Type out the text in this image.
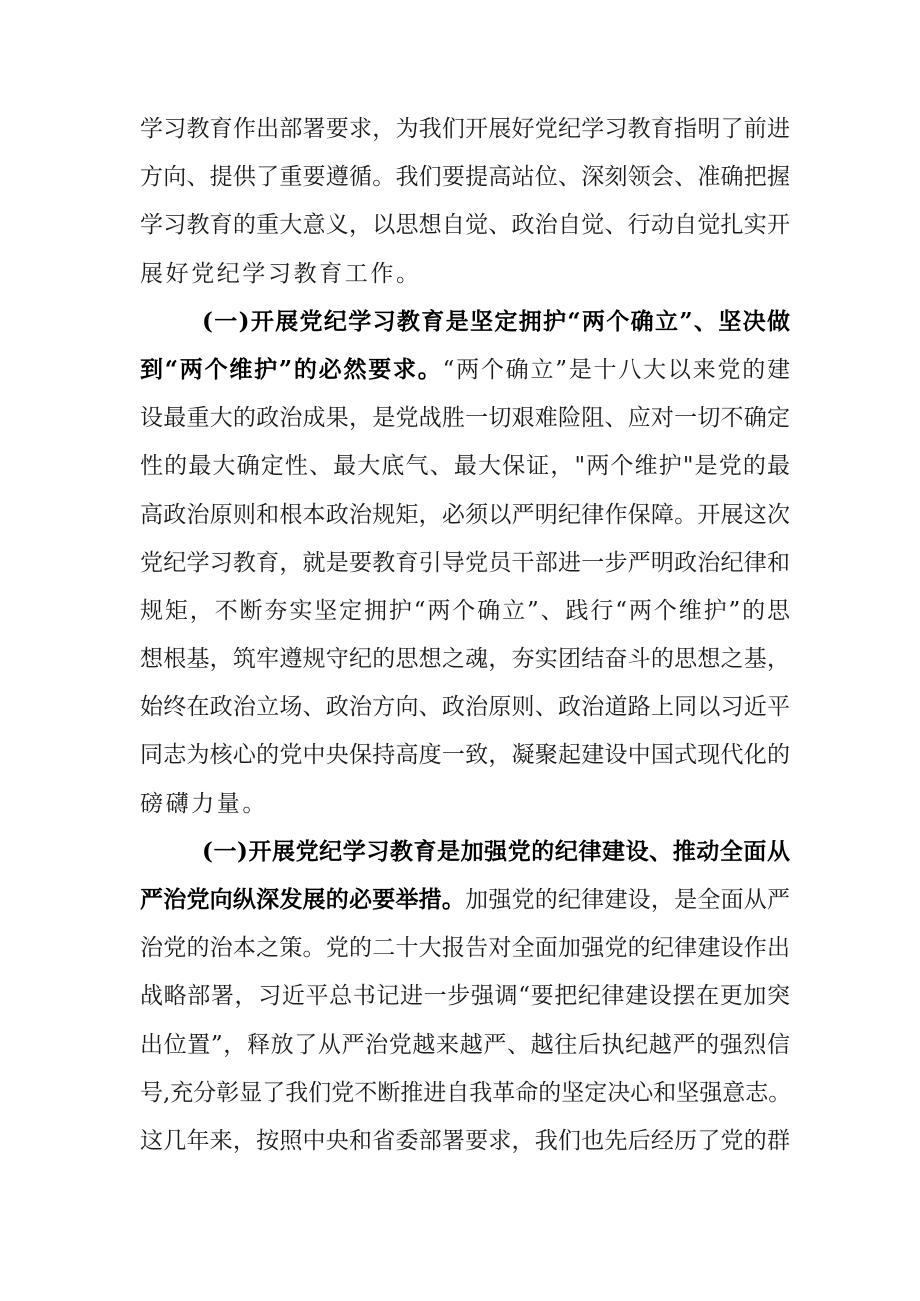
学习教育作出部署要求，为我们开展好党纪学习教育指明了前进
方向、提供了重要遵循。我们要提高站位、深刻领会、准确把握
学习教育的重大意义，以思想自觉、政治自觉、行动自觉扎实开
展好党纪学习教育工作。
(一)开展党纪学习教育是坚定拥护“两个确立”、坚决做
到“两个维护”的必然要求。“两个确立”是十八大以来党的建
设最重大的政治成果，是党战胜一切艰难险阻、应对一切不确定
性的最大确定性、最大底气、最大保证，"两个维护"是党的最
高政治原则和根本政治规矩，必须以严明纪律作保障。开展这次
党纪学习教育，就是要教育引导党员干部进一步严明政治纪律和
规矩，不断夯实坚定拥护“两个确立”、践行“两个维护”的思
想根基，筑牢遵规守纪的思想之魂，夯实团结奋斗的思想之基，
始终在政治立场、政治方向、政治原则、政治道路上同以习近平
同志为核心的党中央保持高度一致，凝聚起建设中国式现代化的
磅礴力量。
(一)开展党纪学习教育是加强党的纪律建设、推动全面从
严治党向纵深发展的必要举措。加强党的纪律建设，是全面从严
治党的治本之策。党的二十大报告对全面加强党的纪律建设作出
战略部署，习近平总书记进一步强调“要把纪律建设摆在更加突
出位置”，释放了从严治党越来越严、越往后执纪越严的强烈信
号,充分彰显了我们党不断推进自我革命的坚定决心和坚强意志。
这几年来，按照中央和省委部署要求，我们也先后经历了党的群
